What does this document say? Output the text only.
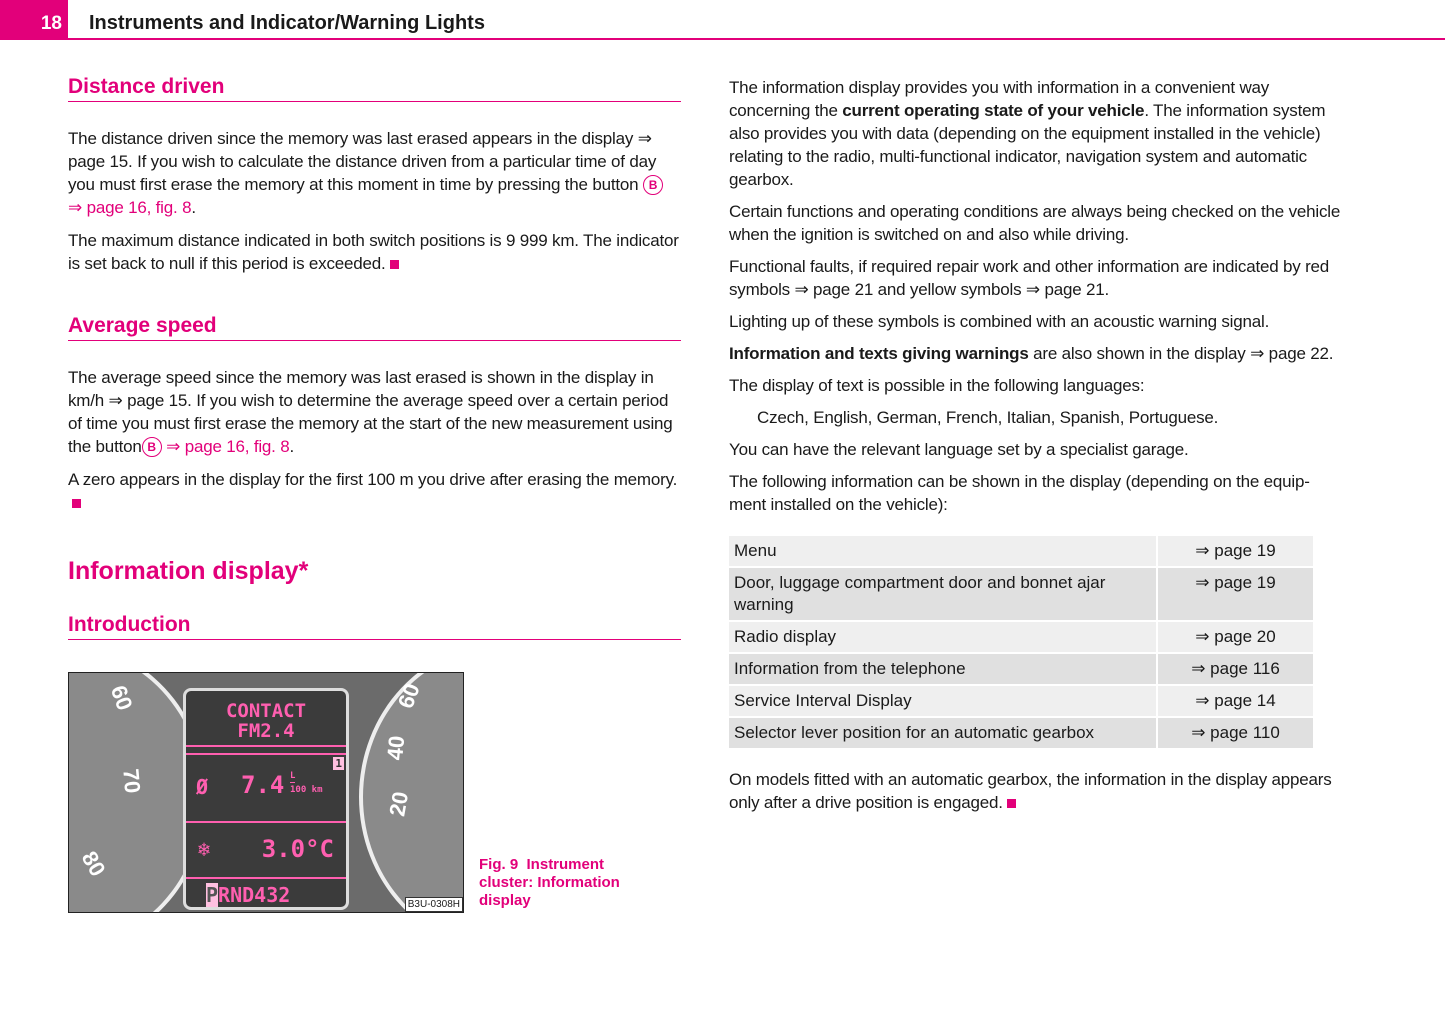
18	Instruments and Indicator/Warning Lights
Distance driven

The distance driven since the memory was last erased appears in the display ⇒ page 15. If you wish to calculate the distance driven from a particular time of day you must first erase the memory at this moment in time by pressing the button B ⇒ page 16, fig. 8.

The maximum distance indicated in both switch positions is 9 999 km. The indicator is set back to null if this period is exceeded.

Average speed

The average speed since the memory was last erased is shown in the display in km/h ⇒ page 15. If you wish to determine the average speed over a certain period of time you must first erase the memory at the start of the new measurement using the button B ⇒ page 16, fig. 8.

A zero appears in the display for the first 100 m you drive after erasing the memory.

Information display*
Introduction
60
70
80
60
40
20
CONTACT
FM2.4
1
Ø 7.4 L
100 km
❄ 3.0°C
PRND432	B3U-0308H
Fig. 9 Instrument cluster: Information display

The information display provides you with information in a convenient way concerning the current operating state of your vehicle. The information system also provides you with data (depending on the equipment installed in the vehicle) relating to the radio, multi-functional indicator, navigation system and automatic gearbox.

Certain functions and operating conditions are always being checked on the vehicle when the ignition is switched on and also while driving.

Functional faults, if required repair work and other information are indicated by red symbols ⇒ page 21 and yellow symbols ⇒ page 21.

Lighting up of these symbols is combined with an acoustic warning signal.

Information and texts giving warnings are also shown in the display ⇒ page 22.

The display of text is possible in the following languages:

Czech, English, German, French, Italian, Spanish, Portuguese.

You can have the relevant language set by a specialist garage.

The following information can be shown in the display (depending on the equip-ment installed on the vehicle):

Menu	⇒ page 19
Door, luggage compartment door and bonnet ajar warning	⇒ page 19
Radio display	⇒ page 20
Information from the telephone	⇒ page 116
Service Interval Display	⇒ page 14
Selector lever position for an automatic gearbox	⇒ page 110

On models fitted with an automatic gearbox, the information in the display appears only after a drive position is engaged.
